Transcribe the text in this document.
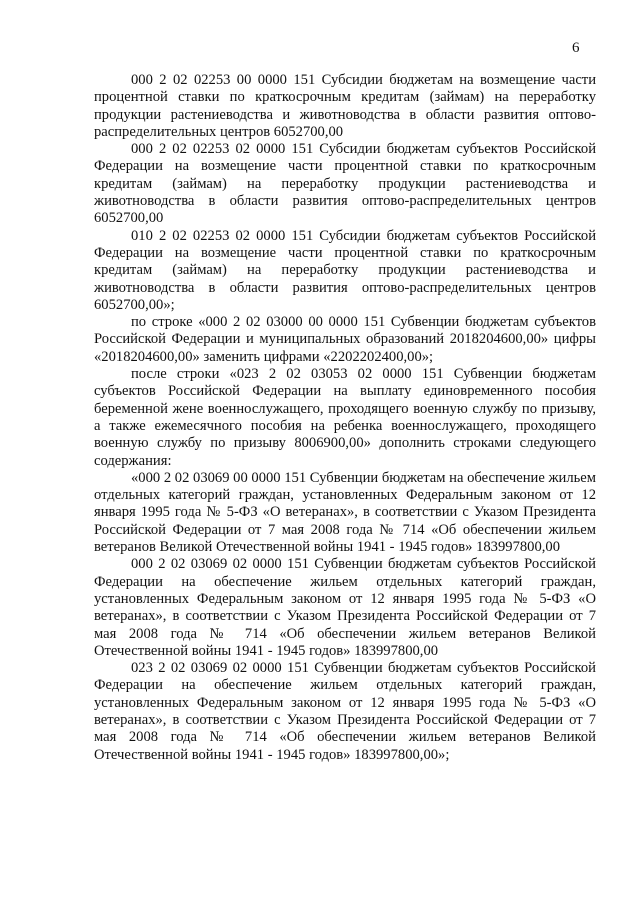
6

000 2 02 02253 00 0000 151 Субсидии бюджетам на возмещение части процентной ставки по краткосрочным кредитам (займам) на переработку продукции растениеводства и животноводства в области развития оптово-распределительных центров 6052700,00

000 2 02 02253 02 0000 151 Субсидии бюджетам субъектов Российской Федерации на возмещение части процентной ставки по краткосрочным кредитам (займам) на переработку продукции растениеводства и животноводства в области развития оптово-распределительных центров 6052700,00

010 2 02 02253 02 0000 151 Субсидии бюджетам субъектов Российской Федерации на возмещение части процентной ставки по краткосрочным кредитам (займам) на переработку продукции растениеводства и животноводства в области развития оптово-распределительных центров 6052700,00»;

по строке «000 2 02 03000 00 0000 151 Субвенции бюджетам субъектов Российской Федерации и муниципальных образований 2018204600,00» цифры «2018204600,00» заменить цифрами «2202202400,00»;

после строки «023 2 02 03053 02 0000 151 Субвенции бюджетам субъектов Российской Федерации на выплату единовременного пособия беременной жене военнослужащего, проходящего военную службу по призыву, а также ежемесячного пособия на ребенка военнослужащего, проходящего военную службу по призыву 8006900,00» дополнить строками следующего содержания:

«000 2 02 03069 00 0000 151 Субвенции бюджетам на обеспечение жильем отдельных категорий граждан, установленных Федеральным законом от 12 января 1995 года № 5-ФЗ «О ветеранах», в соответствии с Указом Президента Российской Федерации от 7 мая 2008 года № 714 «Об обеспечении жильем ветеранов Великой Отечественной войны 1941 - 1945 годов» 183997800,00

000 2 02 03069 02 0000 151 Субвенции бюджетам субъектов Российской Федерации на обеспечение жильем отдельных категорий граждан, установленных Федеральным законом от 12 января 1995 года № 5-ФЗ «О ветеранах», в соответствии с Указом Президента Российской Федерации от 7 мая 2008 года № 714 «Об обеспечении жильем ветеранов Великой Отечественной войны 1941 - 1945 годов» 183997800,00

023 2 02 03069 02 0000 151 Субвенции бюджетам субъектов Российской Федерации на обеспечение жильем отдельных категорий граждан, установленных Федеральным законом от 12 января 1995 года № 5-ФЗ «О ветеранах», в соответствии с Указом Президента Российской Федерации от 7 мая 2008 года № 714 «Об обеспечении жильем ветеранов Великой Отечественной войны 1941 - 1945 годов» 183997800,00»;
